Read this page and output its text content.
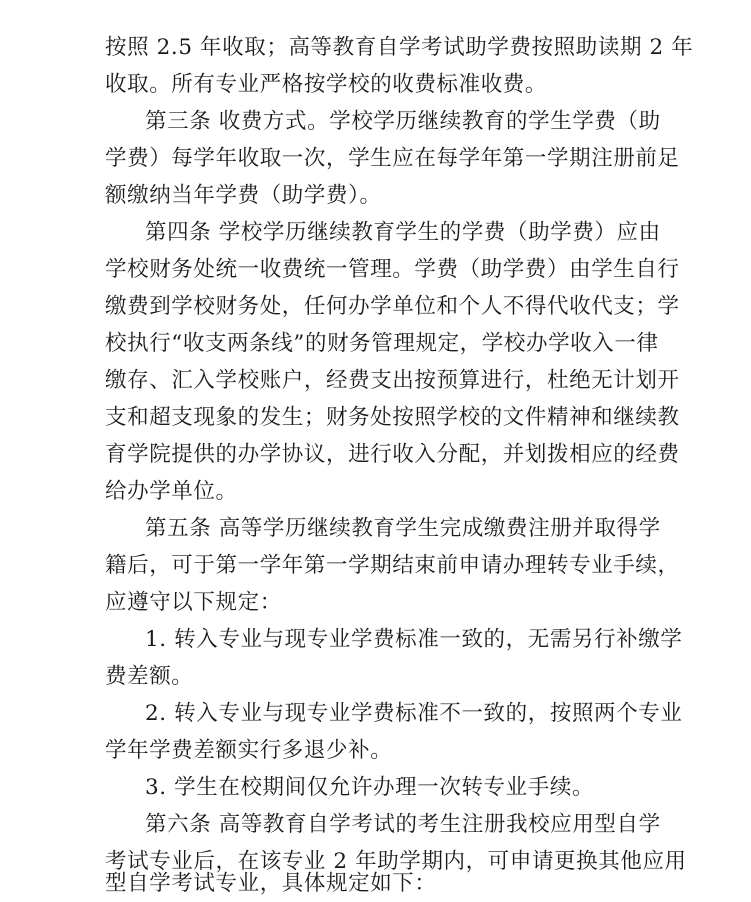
按照 2.5 年收取；高等教育自学考试助学费按照助读期 2 年
收取。所有专业严格按学校的收费标准收费。
第三条 收费方式。学校学历继续教育的学生学费（助
学费）每学年收取一次，学生应在每学年第一学期注册前足
额缴纳当年学费（助学费）。
第四条 学校学历继续教育学生的学费（助学费）应由
学校财务处统一收费统一管理。学费（助学费）由学生自行
缴费到学校财务处，任何办学单位和个人不得代收代支；学
校执行“收支两条线”的财务管理规定，学校办学收入一律
缴存、汇入学校账户，经费支出按预算进行，杜绝无计划开
支和超支现象的发生；财务处按照学校的文件精神和继续教
育学院提供的办学协议，进行收入分配，并划拨相应的经费
给办学单位。
第五条 高等学历继续教育学生完成缴费注册并取得学
籍后，可于第一学年第一学期结束前申请办理转专业手续，
应遵守以下规定：
1. 转入专业与现专业学费标准一致的，无需另行补缴学
费差额。
2. 转入专业与现专业学费标准不一致的，按照两个专业
学年学费差额实行多退少补。
3. 学生在校期间仅允许办理一次转专业手续。
第六条 高等教育自学考试的考生注册我校应用型自学
考试专业后，在该专业 2 年助学期内，可申请更换其他应用
型自学考试专业，具体规定如下：
